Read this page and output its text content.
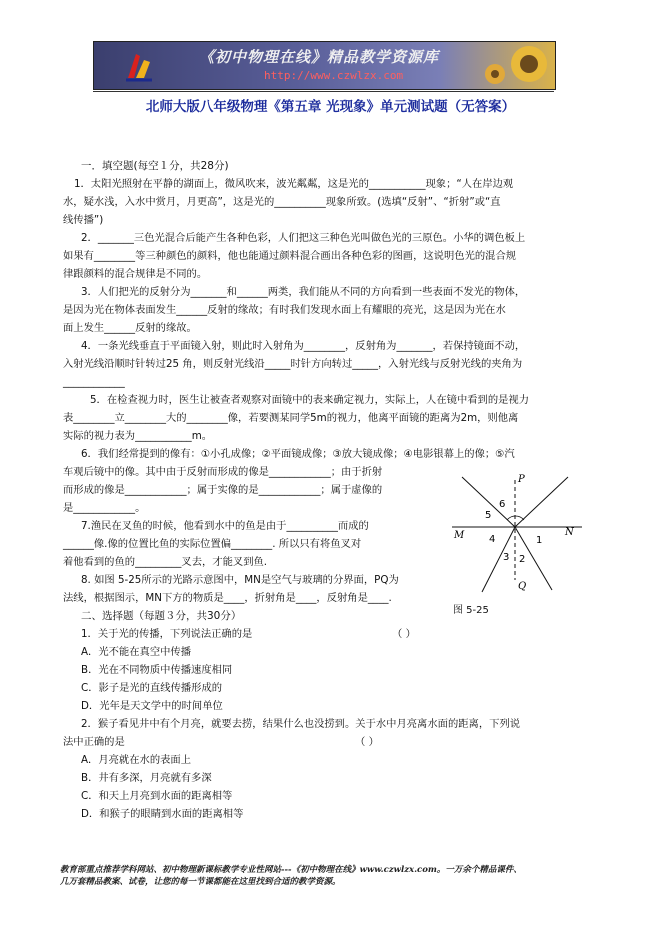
《初中物理在线》精品教学资源库
http://www.czwlzx.com
北师大版八年级物理《第五章 光现象》单元测试题（无答案）
一．填空题(每空１分，共28分)
1．太阳光照射在平静的湖面上，微风吹来，波光粼粼，这是光的___________现象；“人在岸边观
水，疑水浅，入水中赏月，月更高”，这是光的__________现象所致。(选填“反射”、“折射”或“直
线传播”)
2．_______三色光混合后能产生各种色彩，人们把这三种色光叫做色光的三原色。小华的调色板上
如果有________等三种颜色的颜料，他也能通过颜料混合画出各种色彩的图画，这说明色光的混合规
律跟颜料的混合规律是不同的。
3．人们把光的反射分为_______和______两类，我们能从不同的方向看到一些表面不发光的物体，
是因为光在物体表面发生______反射的缘故；有时我们发现水面上有耀眼的亮光，这是因为光在水
面上发生______反射的缘故。
4．一条光线垂直于平面镜入射，则此时入射角为________，反射角为_______，若保持镜面不动，
入射光线沿顺时针转过25 角，则反射光线沿_____时针方向转过_____，入射光线与反射光线的夹角为
____________
5．在检查视力时，医生让被查者观察对面镜中的表来确定视力，实际上，人在镜中看到的是视力
表________立________大的________像，若要测某同学5m的视力，他离平面镜的距离为2m，则他离
实际的视力表为___________m。
6．我们经常提到的像有：①小孔成像；②平面镜成像；③放大镜成像；④电影银幕上的像；⑤汽
车观后镜中的像。其中由于反射而形成的像是____________；由于折射
而形成的像是____________；属于实像的是____________；属于虚像的
是____________。
7.渔民在叉鱼的时候，他看到水中的鱼是由于__________而成的
______像.像的位置比鱼的实际位置偏________. 所以只有将鱼叉对
着他看到的鱼的_________叉去，才能叉到鱼.
8. 如图 5-25所示的光路示意图中，MN是空气与玻璃的分界面，PQ为
法线，根据图示，MN下方的物质是____，折射角是____，反射角是____.
二、选择题（每题３分，共30分）
1．关于光的传播，下列说法正确的是	（ ）
A．光不能在真空中传播
B．光在不同物质中传播速度相同
C．影子是光的直线传播形成的
D．光年是天文学中的时间单位
2．猴子看见井中有个月亮，就要去捞，结果什么也没捞到。关于水中月亮离水面的距离，下列说
法中正确的是	（ ）
A．月亮就在水的表面上
B．井有多深，月亮就有多深
C．和天上月亮到水面的距离相等
D．和猴子的眼睛到水面的距离相等
P
Q
M	N
1
2
3
4
5
6
图 5-25
教育部重点推荐学科网站、初中物理新课标教学专业性网站---《初中物理在线》www.czwlzx.com。一万余个精品课件、
几万套精品教案、试卷，让您的每一节课都能在这里找到合适的教学资源。
